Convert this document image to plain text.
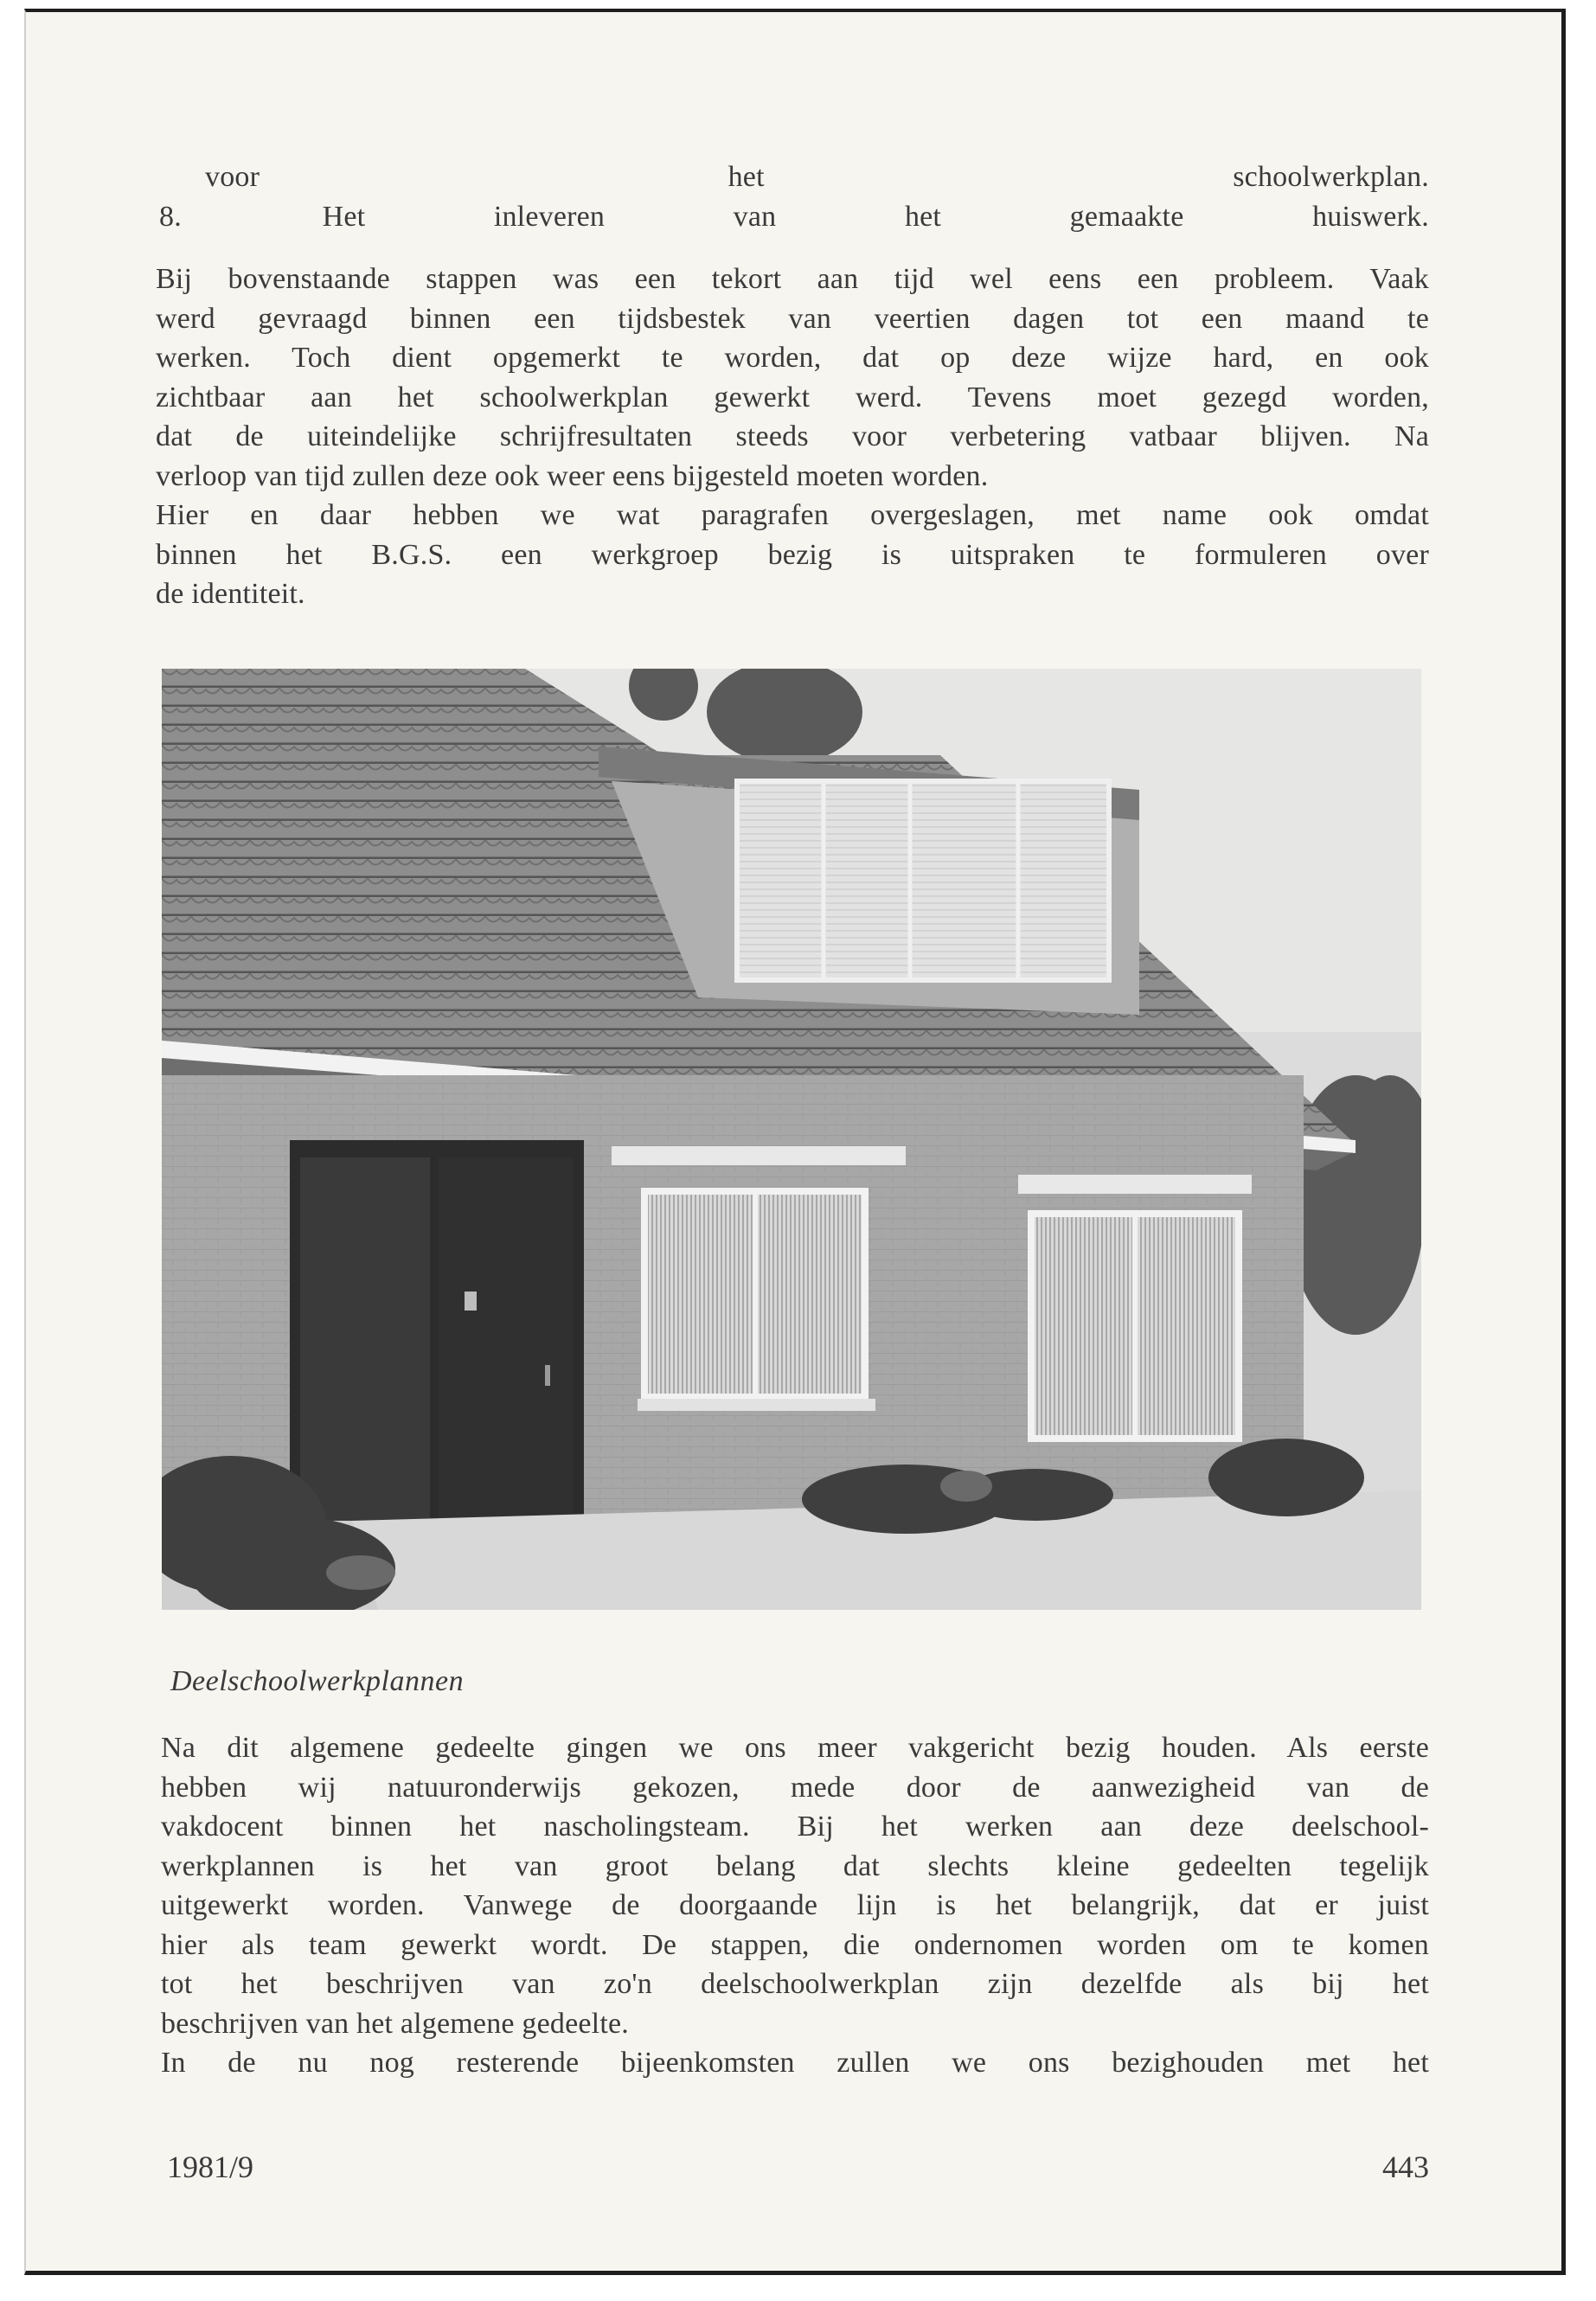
voor het schoolwerkplan.

8.	Het inleveren van het gemaakte huiswerk.

Bij bovenstaande stappen was een tekort aan tijd wel eens een probleem. Vaak

werd gevraagd binnen een tijdsbestek van veertien dagen tot een maand te

werken. Toch dient opgemerkt te worden, dat op deze wijze hard, en ook

zichtbaar aan het schoolwerkplan gewerkt werd. Tevens moet gezegd worden,

dat de uiteindelijke schrijfresultaten steeds voor verbetering vatbaar blijven. Na

verloop van tijd zullen deze ook weer eens bijgesteld moeten worden.

Hier en daar hebben we wat paragrafen overgeslagen, met name ook omdat

binnen het B.G.S. een werkgroep bezig is uitspraken te formuleren over

de identiteit.

Deelschoolwerkplannen

Na dit algemene gedeelte gingen we ons meer vakgericht bezig houden. Als eerste

hebben wij natuuronderwijs gekozen, mede door de aanwezigheid van de

vakdocent binnen het nascholingsteam. Bij het werken aan deze deelschool-

werkplannen is het van groot belang dat slechts kleine gedeelten tegelijk

uitgewerkt worden. Vanwege de doorgaande lijn is het belangrijk, dat er juist

hier als team gewerkt wordt. De stappen, die ondernomen worden om te komen

tot het beschrijven van zo'n deelschoolwerkplan zijn dezelfde als bij het

beschrijven van het algemene gedeelte.

In de nu nog resterende bijeenkomsten zullen we ons bezighouden met het

1981/9	443
